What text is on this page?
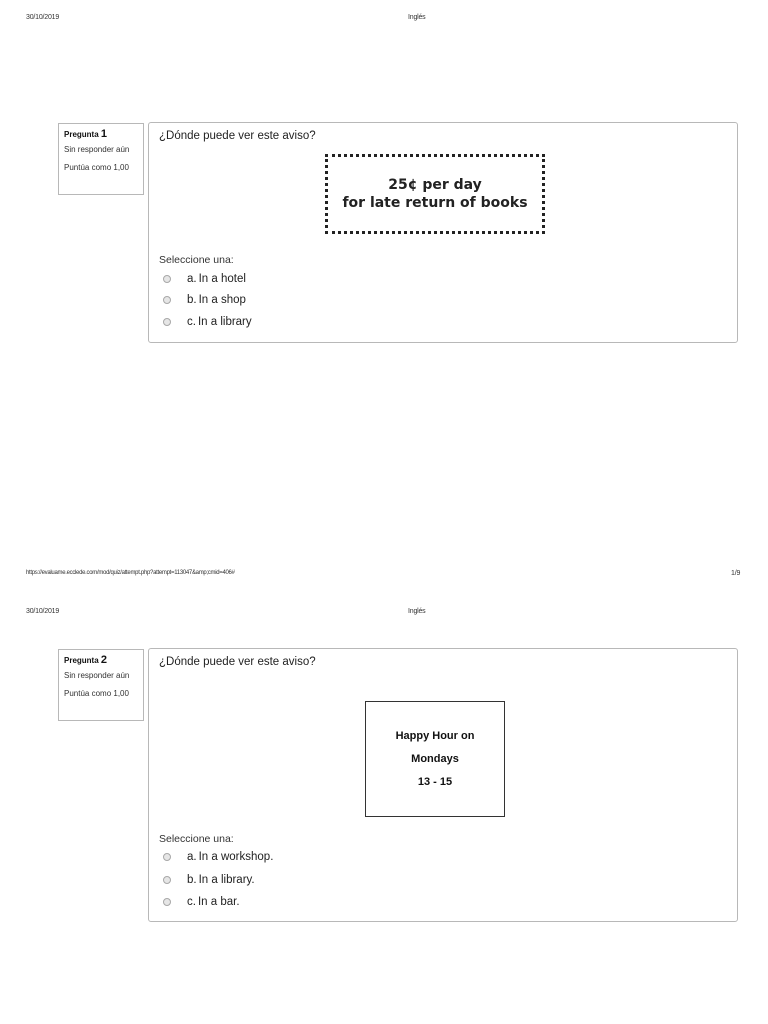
30/10/2019	Inglés
Pregunta 1
Sin responder aún
Puntúa como 1,00
¿Dónde puede ver este aviso?
25¢ per day
for late return of books
Seleccione una:
a. In a hotel
b. In a shop
c. In a library
https://evaluame.ecclede.com/mod/quiz/attempt.php?attempt=113047&amp;cmid=406#	1/9
30/10/2019	Inglés
Pregunta 2
Sin responder aún
Puntúa como 1,00
¿Dónde puede ver este aviso?
Happy Hour on
Mondays
13 - 15
Seleccione una:
a. In a workshop.
b. In a library.
c. In a bar.
